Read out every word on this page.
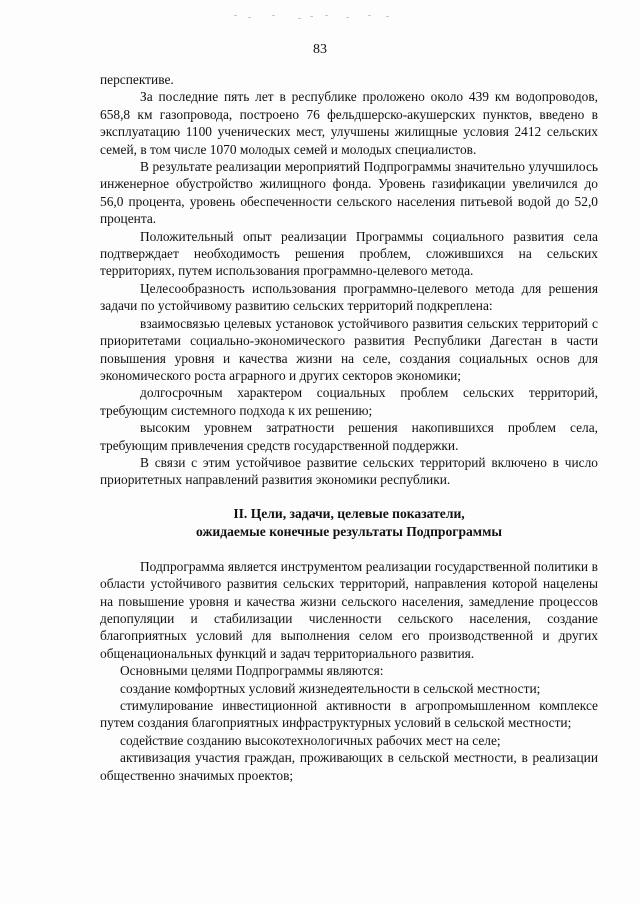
83

перспективе.

За последние пять лет в республике проложено около 439 км водопроводов, 658,8 км газопровода, построено 76 фельдшерско-акушерских пунктов, введено в эксплуатацию 1100 ученических мест, улучшены жилищные условия 2412 сельских семей, в том числе 1070 молодых семей и молодых специалистов.

В результате реализации мероприятий Подпрограммы значительно улучшилось инженерное обустройство жилищного фонда. Уровень газификации увеличился до 56,0 процента, уровень обеспеченности сельского населения питьевой водой до 52,0 процента.

Положительный опыт реализации Программы социального развития села подтверждает необходимость решения проблем, сложившихся на сельских территориях, путем использования программно-целевого метода.

Целесообразность использования программно-целевого метода для решения задачи по устойчивому развитию сельских территорий подкреплена:

взаимосвязью целевых установок устойчивого развития сельских территорий с приоритетами социально-экономического развития Республики Дагестан в части повышения уровня и качества жизни на селе, создания социальных основ для экономического роста аграрного и других секторов экономики;

долгосрочным характером социальных проблем сельских территорий, требующим системного подхода к их решению;

высоким уровнем затратности решения накопившихся проблем села, требующим привлечения средств государственной поддержки.

В связи с этим устойчивое развитие сельских территорий включено в число приоритетных направлений развития экономики республики.

II. Цели, задачи, целевые показатели,
ожидаемые конечные результаты Подпрограммы

Подпрограмма является инструментом реализации государственной политики в области устойчивого развития сельских территорий, направления которой нацелены на повышение уровня и качества жизни сельского населения, замедление процессов депопуляции и стабилизации численности сельского населения, создание благоприятных условий для выполнения селом его производственной и других общенациональных функций и задач территориального развития.

Основными целями Подпрограммы являются:

создание комфортных условий жизнедеятельности в сельской местности;

стимулирование инвестиционной активности в агропромышленном комплексе путем создания благоприятных инфраструктурных условий в сельской местности;

содействие созданию высокотехнологичных рабочих мест на селе;

активизация участия граждан, проживающих в сельской местности, в реализации общественно значимых проектов;
